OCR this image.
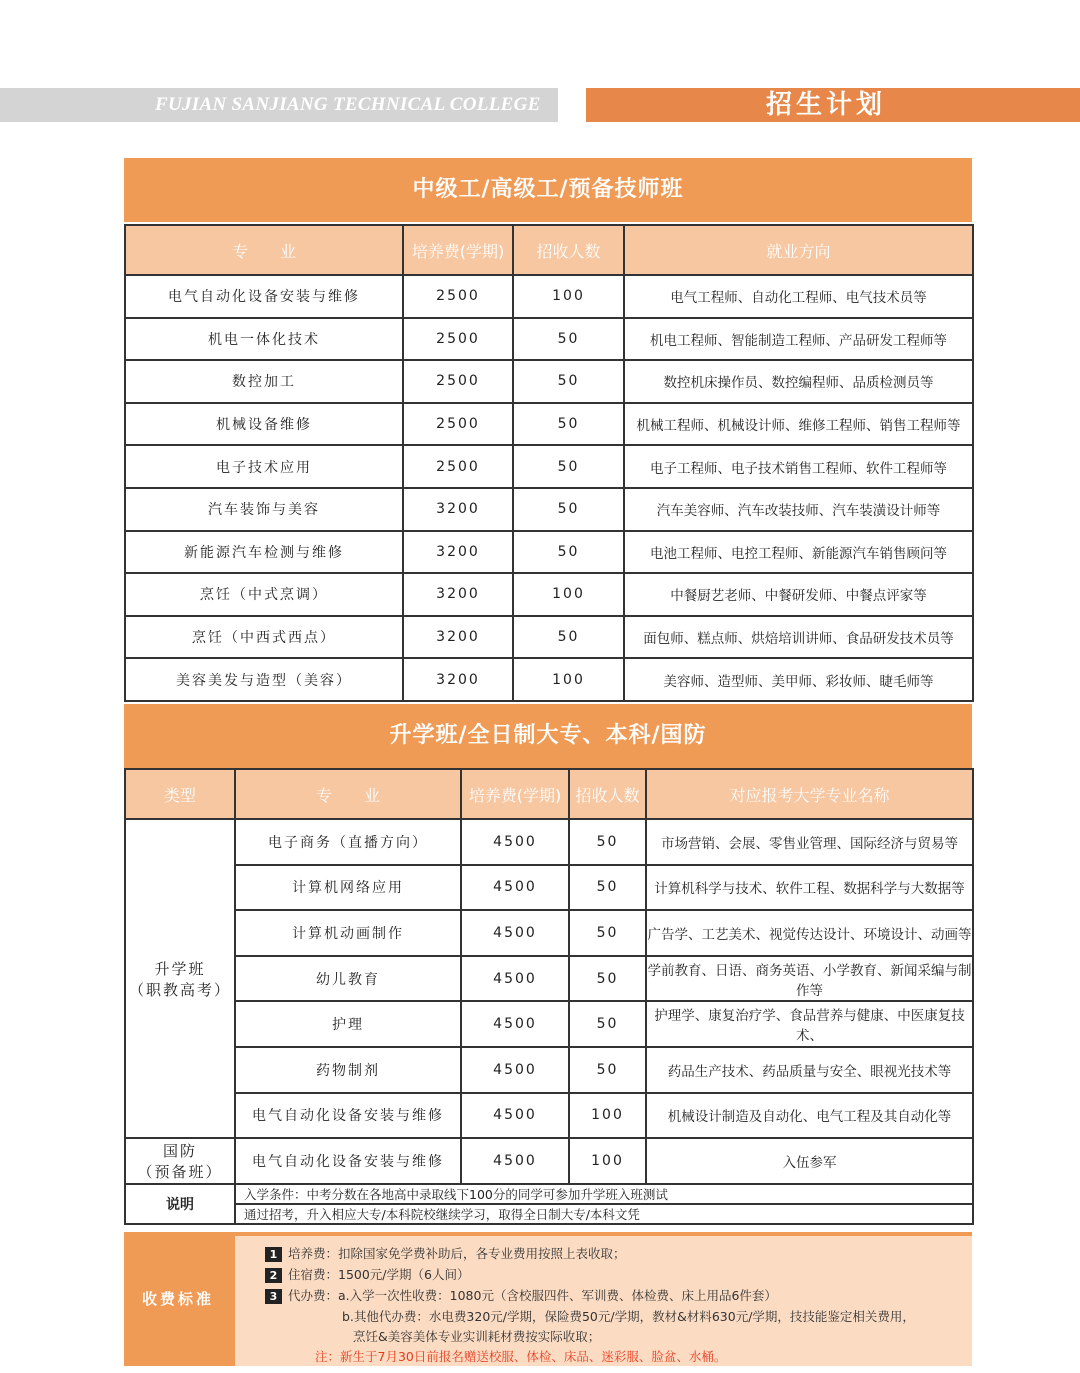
FUJIAN SANJIANG TECHNICAL COLLEGE	招生计划
中级工/高级工/预备技师班
专　　业	培养费(学期)	招收人数	就业方向
电气自动化设备安装与维修	2500	100	电气工程师、自动化工程师、电气技术员等
机电一体化技术	2500	50	机电工程师、智能制造工程师、产品研发工程师等
数控加工	2500	50	数控机床操作员、数控编程师、品质检测员等
机械设备维修	2500	50	机械工程师、机械设计师、维修工程师、销售工程师等
电子技术应用	2500	50	电子工程师、电子技术销售工程师、软件工程师等
汽车装饰与美容	3200	50	汽车美容师、汽车改装技师、汽车装潢设计师等
新能源汽车检测与维修	3200	50	电池工程师、电控工程师、新能源汽车销售顾问等
烹饪（中式烹调）	3200	100	中餐厨艺老师、中餐研发师、中餐点评家等
烹饪（中西式西点）	3200	50	面包师、糕点师、烘焙培训讲师、食品研发技术员等
美容美发与造型（美容）	3200	100	美容师、造型师、美甲师、彩妆师、睫毛师等
升学班/全日制大专、本科/国防
类型	专　　业	培养费(学期)	招收人数	对应报考大学专业名称
升学班
（职教高考）	电子商务（直播方向）	4500	50	市场营销、会展、零售业管理、国际经济与贸易等
	计算机网络应用	4500	50	计算机科学与技术、软件工程、数据科学与大数据等
	计算机动画制作	4500	50	广告学、工艺美术、视觉传达设计、环境设计、动画等
	幼儿教育	4500	50	学前教育、日语、商务英语、小学教育、新闻采编与制作等
	护理	4500	50	护理学、康复治疗学、食品营养与健康、中医康复技术、
	药物制剂	4500	50	药品生产技术、药品质量与安全、眼视光技术等
	电气自动化设备安装与维修	4500	100	机械设计制造及自动化、电气工程及其自动化等
国防
（预备班）	电气自动化设备安装与维修	4500	100	入伍参军
说明	入学条件：中考分数在各地高中录取线下100分的同学可参加升学班入班测试			
	通过招考，升入相应大专/本科院校继续学习，取得全日制大专/本科文凭			
收费标准
1 培养费：扣除国家免学费补助后，各专业费用按照上表收取；
2 住宿费：1500元/学期（6人间）
3 代办费：a.入学一次性收费：1080元（含校服四件、军训费、体检费、床上用品6件套）
b.其他代办费：水电费320元/学期，保险费50元/学期，教材&材料630元/学期，技技能鉴定相关费用，
烹饪&美容美体专业实训耗材费按实际收取；
注：新生于7月30日前报名赠送校服、体检、床品、迷彩服、脸盆、水桶。
